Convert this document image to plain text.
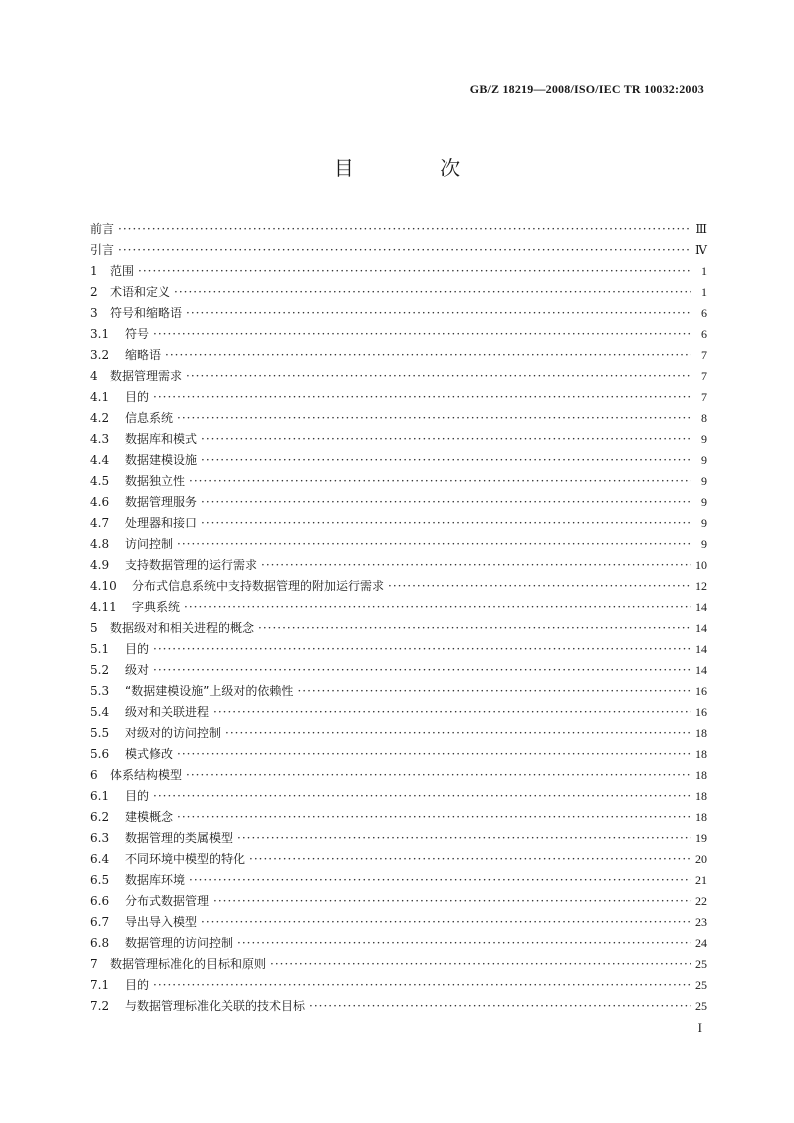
GB/Z 18219—2008/ISO/IEC TR 10032:2003
目 次
前言 ·····	Ⅲ
引言 ·····	Ⅳ
1	范围 ·····	1
2	术语和定义 ·····	1
3	符号和缩略语 ·····	6
3.1	符号 ·····	6
3.2	缩略语 ·····	7
4	数据管理需求 ·····	7
4.1	目的 ·····	7
4.2	信息系统 ·····	8
4.3	数据库和模式 ·····	9
4.4	数据建模设施 ·····	9
4.5	数据独立性 ·····	9
4.6	数据管理服务 ·····	9
4.7	处理器和接口 ·····	9
4.8	访问控制 ·····	9
4.9	支持数据管理的运行需求 ·····	10
4.10	分布式信息系统中支持数据管理的附加运行需求 ·····	12
4.11	字典系统 ·····	14
5	数据级对和相关进程的概念 ·····	14
5.1	目的 ·····	14
5.2	级对 ·····	14
5.3	“数据建模设施”上级对的依赖性 ·····	16
5.4	级对和关联进程 ·····	16
5.5	对级对的访问控制 ·····	18
5.6	模式修改 ·····	18
6	体系结构模型 ·····	18
6.1	目的 ·····	18
6.2	建模概念 ·····	18
6.3	数据管理的类属模型 ·····	19
6.4	不同环境中模型的特化 ·····	20
6.5	数据库环境 ·····	21
6.6	分布式数据管理 ·····	22
6.7	导出导入模型 ·····	23
6.8	数据管理的访问控制 ·····	24
7	数据管理标准化的目标和原则 ·····	25
7.1	目的 ·····	25
7.2	与数据管理标准化关联的技术目标 ·····	25
I
